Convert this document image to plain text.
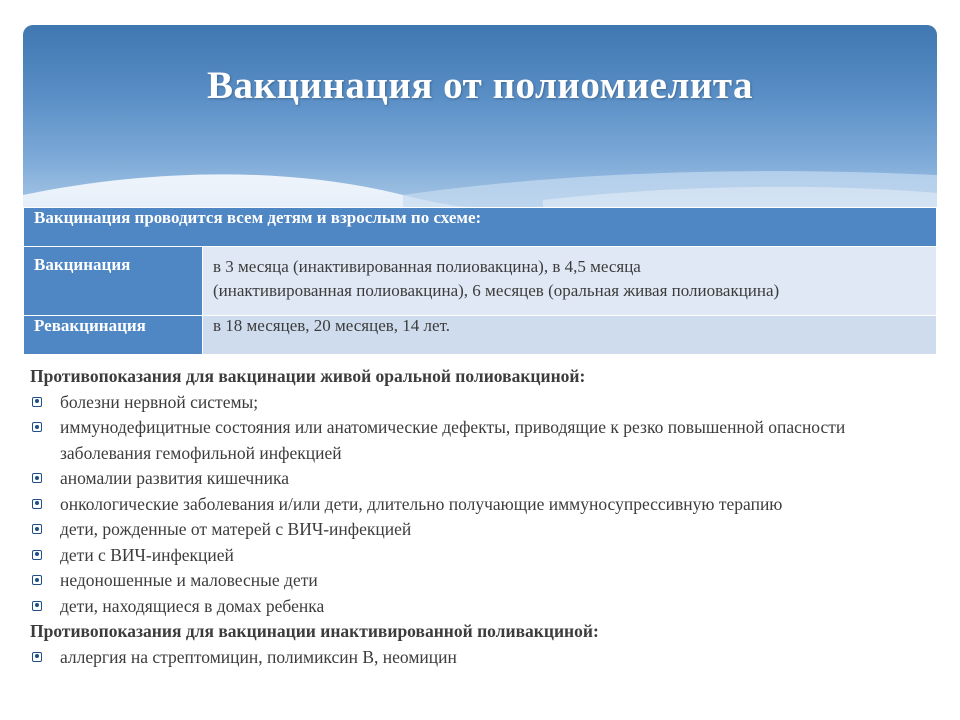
Вакцинация от полиомиелита
Вакцинация проводится всем детям и взрослым по схеме:	
Вакцинация	в 3 месяца (инактивированная полиовакцина), в 4,5 месяца
(инактивированная полиовакцина), 6 месяцев (оральная живая полиовакцина)

Ревакцинация	в 18 месяцев, 20 месяцев, 14 лет.
Противопоказания для вакцинации живой оральной полиовакциной:
болезни нервной системы;
иммунодефицитные состояния или анатомические дефекты, приводящие к резко повышенной опасности заболевания гемофильной инфекцией
аномалии развития кишечника
онкологические заболевания и/или дети, длительно получающие иммуносупрессивную терапию
дети, рожденные от матерей с ВИЧ-инфекцией
дети с ВИЧ-инфекцией
недоношенные и маловесные дети
дети, находящиеся в домах ребенка
Противопоказания для вакцинации инактивированной поливакциной:
аллергия на стрептомицин, полимиксин В, неомицин
